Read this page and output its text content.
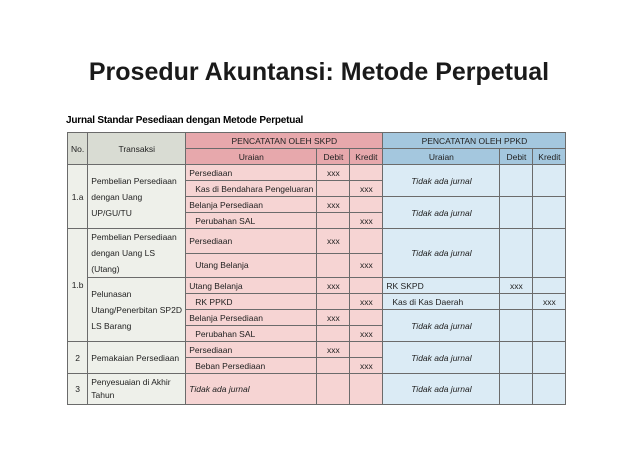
Prosedur Akuntansi: Metode Perpetual
Jurnal Standar Pesediaan dengan Metode Perpetual
No.	Transaksi	PENCATATAN OLEH SKPD			PENCATATAN OLEH PPKD		
		Uraian	Debit	Kredit	Uraian	Debit	Kredit
1.a	Pembelian Persediaan dengan Uang UP/GU/TU	Persediaan	xxx		Tidak ada jurnal		
		Kas di Bendahara Pengeluaran		xxx			
		Belanja Persediaan	xxx		Tidak ada jurnal		
		Perubahan SAL		xxx			
1.b	Pembelian Persediaan dengan Uang LS (Utang)	Persediaan	xxx		Tidak ada jurnal		
		Utang Belanja		xxx			
	Pelunasan Utang/Penerbitan SP2D LS Barang	Utang Belanja	xxx		RK SKPD	xxx	
		RK PPKD		xxx	Kas di Kas Daerah		xxx
		Belanja Persediaan	xxx		Tidak ada jurnal		
		Perubahan SAL		xxx			
2	Pemakaian Persediaan	Persediaan	xxx		Tidak ada jurnal		
		Beban Persediaan		xxx			
3	Penyesuaian di Akhir Tahun	Tidak ada jurnal			Tidak ada jurnal		
